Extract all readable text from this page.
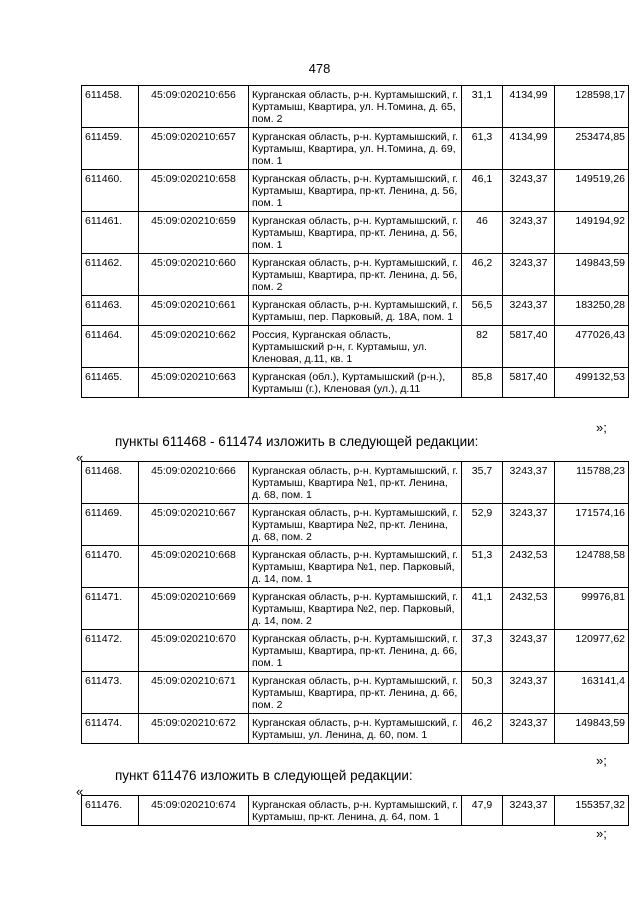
478
611458.	45:09:020210:656	Курганская область, р-н. Куртамышский, г. Куртамыш, Квартира, ул. Н.Томина, д. 65, пом. 2	31,1	4134,99	128598,17
611459.	45:09:020210:657	Курганская область, р-н. Куртамышский, г. Куртамыш, Квартира, ул. Н.Томина, д. 69, пом. 1	61,3	4134,99	253474,85
611460.	45:09:020210:658	Курганская область, р-н. Куртамышский, г. Куртамыш, Квартира, пр-кт. Ленина, д. 56, пом. 1	46,1	3243,37	149519,26
611461.	45:09:020210:659	Курганская область, р-н. Куртамышский, г. Куртамыш, Квартира, пр-кт. Ленина, д. 56, пом. 1	46	3243,37	149194,92
611462.	45:09:020210:660	Курганская область, р-н. Куртамышский, г. Куртамыш, Квартира, пр-кт. Ленина, д. 56, пом. 2	46,2	3243,37	149843,59
611463.	45:09:020210:661	Курганская область, р-н. Куртамышский, г. Куртамыш, пер. Парковый, д. 18А, пом. 1	56,5	3243,37	183250,28
611464.	45:09:020210:662	Россия, Курганская область, Куртамышский р-н, г. Куртамыш, ул. Кленовая, д.11, кв. 1	82	5817,40	477026,43
611465.	45:09:020210:663	Курганская (обл.), Куртамышский (р-н.), Куртамыш (г.), Кленовая (ул.), д.11	85,8	5817,40	499132,53
»;
пункты 611468 - 611474 изложить в следующей редакции:
«
611468.	45:09:020210:666	Курганская область, р-н. Куртамышский, г. Куртамыш, Квартира №1, пр-кт. Ленина, д. 68, пом. 1	35,7	3243,37	115788,23
611469.	45:09:020210:667	Курганская область, р-н. Куртамышский, г. Куртамыш, Квартира №2, пр-кт. Ленина, д. 68, пом. 2	52,9	3243,37	171574,16
611470.	45:09:020210:668	Курганская область, р-н. Куртамышский, г. Куртамыш, Квартира №1, пер. Парковый, д. 14, пом. 1	51,3	2432,53	124788,58
611471.	45:09:020210:669	Курганская область, р-н. Куртамышский, г. Куртамыш, Квартира №2, пер. Парковый, д. 14, пом. 2	41,1	2432,53	99976,81
611472.	45:09:020210:670	Курганская область, р-н. Куртамышский, г. Куртамыш, Квартира, пр-кт. Ленина, д. 66, пом. 1	37,3	3243,37	120977,62
611473.	45:09:020210:671	Курганская область, р-н. Куртамышский, г. Куртамыш, Квартира, пр-кт. Ленина, д. 66, пом. 2	50,3	3243,37	163141,4
611474.	45:09:020210:672	Курганская область, р-н. Куртамышский, г. Куртамыш, ул. Ленина, д. 60, пом. 1	46,2	3243,37	149843,59
»;
пункт 611476 изложить в следующей редакции:
«
611476.	45:09:020210:674	Курганская область, р-н. Куртамышский, г. Куртамыш, пр-кт. Ленина, д. 64, пом. 1	47,9	3243,37	155357,32
»;
